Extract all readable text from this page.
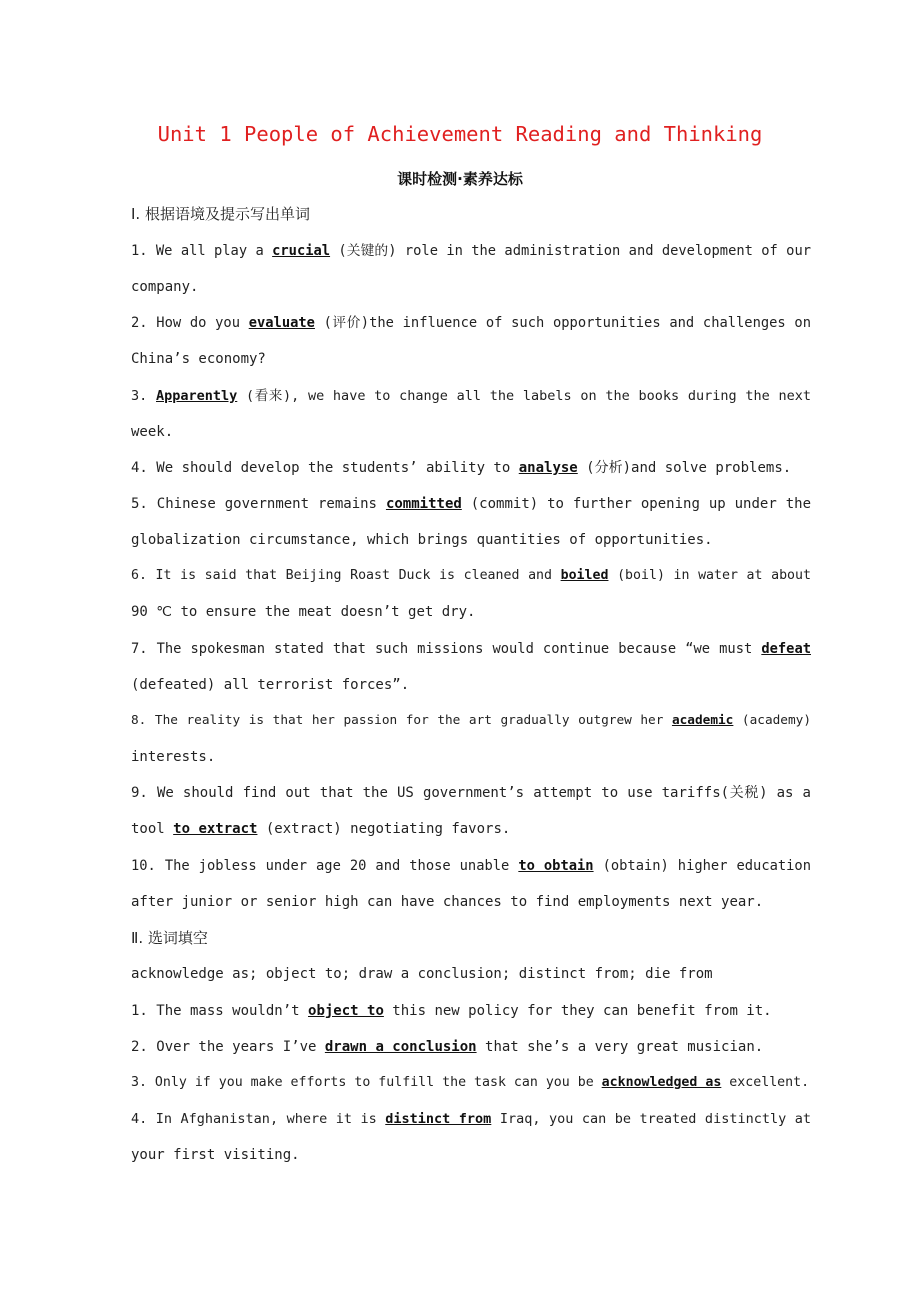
Unit 1 People of Achievement Reading and Thinking
课时检测·素养达标
Ⅰ. 根据语境及提示写出单词
1. We all play a crucial (关键的) role in the administration and development of our
company.
2. How do you evaluate (评价)the influence of such opportunities and challenges on
China’s economy?
3. Apparently (看来), we have to change all the labels on the books during the next
week.
4. We should develop the students’ ability to analyse (分析)and solve problems.
5. Chinese government remains committed (commit) to further opening up under the
globalization circumstance, which brings quantities of opportunities.
6. It is said that Beijing Roast Duck is cleaned and boiled (boil) in water at about
90 ℃ to ensure the meat doesn’t get dry.
7. The spokesman stated that such missions would continue because “we must defeat
(defeated) all terrorist forces”.
8. The reality is that her passion for the art gradually outgrew her academic (academy)
interests.
9. We should find out that the US government’s attempt to use tariffs(关税) as a
tool to extract (extract) negotiating favors.
10. The jobless under age 20 and those unable to obtain (obtain) higher education
after junior or senior high can have chances to find employments next year.
Ⅱ. 选词填空
acknowledge as; object to; draw a conclusion; distinct from; die from
1. The mass wouldn’t object to this new policy for they can benefit from it.
2. Over the years I’ve drawn a conclusion that she’s a very great musician.
3. Only if you make efforts to fulfill the task can you be acknowledged as excellent.
4. In Afghanistan, where it is distinct from Iraq, you can be treated distinctly at
your first visiting.
